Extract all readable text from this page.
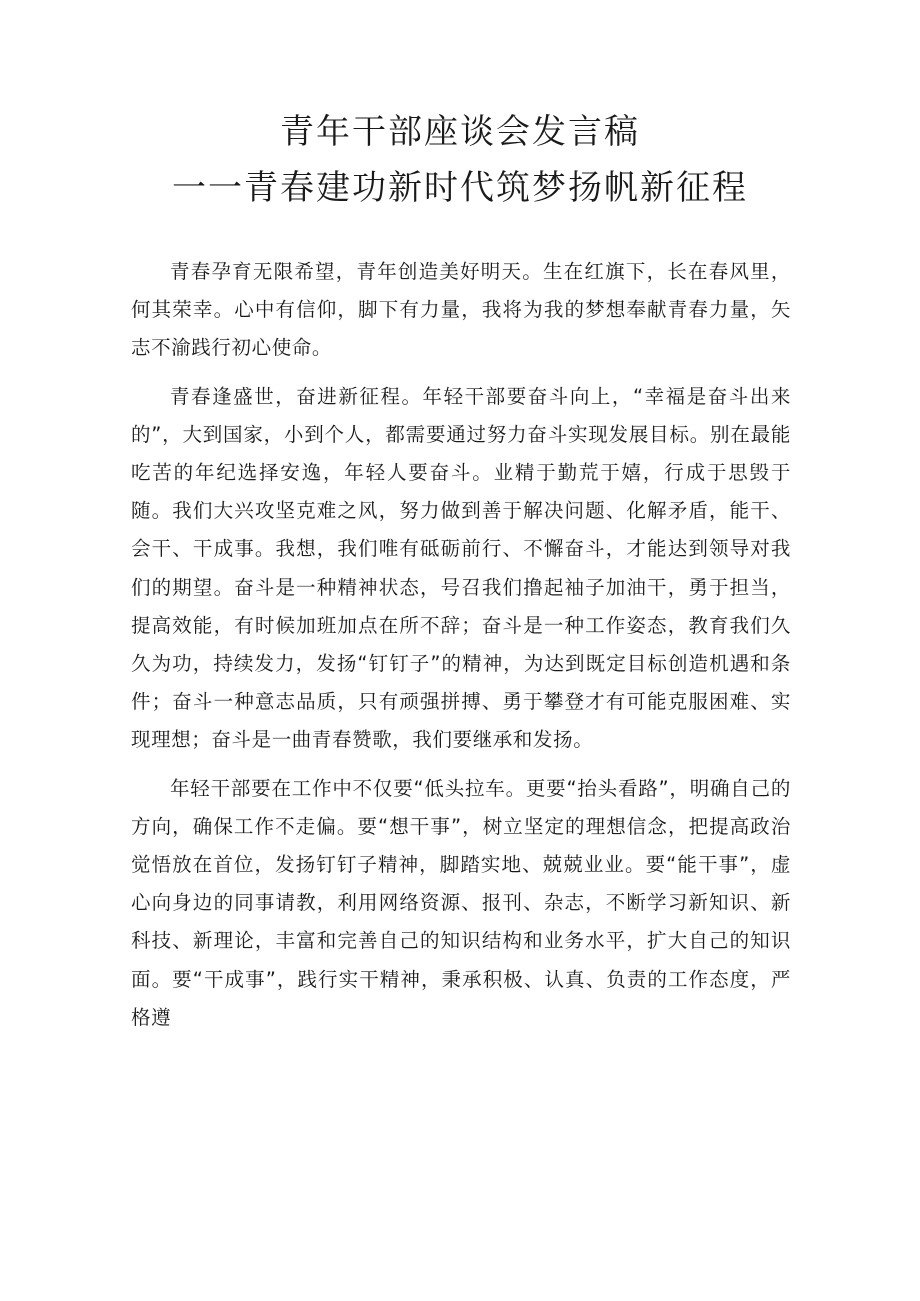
青年干部座谈会发言稿
一一青春建功新时代筑梦扬帆新征程

青春孕育无限希望，青年创造美好明天。生在红旗下，长在春风里，何其荣幸。心中有信仰，脚下有力量，我将为我的梦想奉献青春力量，矢志不渝践行初心使命。

青春逢盛世，奋进新征程。年轻干部要奋斗向上，“幸福是奋斗出来的”，大到国家，小到个人，都需要通过努力奋斗实现发展目标。别在最能吃苦的年纪选择安逸，年轻人要奋斗。业精于勤荒于嬉，行成于思毁于随。我们大兴攻坚克难之风，努力做到善于解决问题、化解矛盾，能干、会干、干成事。我想，我们唯有砥砺前行、不懈奋斗，才能达到领导对我们的期望。奋斗是一种精神状态，号召我们撸起袖子加油干，勇于担当，提高效能，有时候加班加点在所不辞；奋斗是一种工作姿态，教育我们久久为功，持续发力，发扬“钉钉子”的精神，为达到既定目标创造机遇和条件；奋斗一种意志品质，只有顽强拼搏、勇于攀登才有可能克服困难、实现理想；奋斗是一曲青春赞歌，我们要继承和发扬。

年轻干部要在工作中不仅要“低头拉车。更要“抬头看路”，明确自己的方向，确保工作不走偏。要“想干事”，树立坚定的理想信念，把提高政治觉悟放在首位，发扬钉钉子精神，脚踏实地、兢兢业业。要“能干事”，虚心向身边的同事请教，利用网络资源、报刊、杂志，不断学习新知识、新科技、新理论，丰富和完善自己的知识结构和业务水平，扩大自己的知识面。要“干成事”，践行实干精神，秉承积极、认真、负责的工作态度，严格遵
